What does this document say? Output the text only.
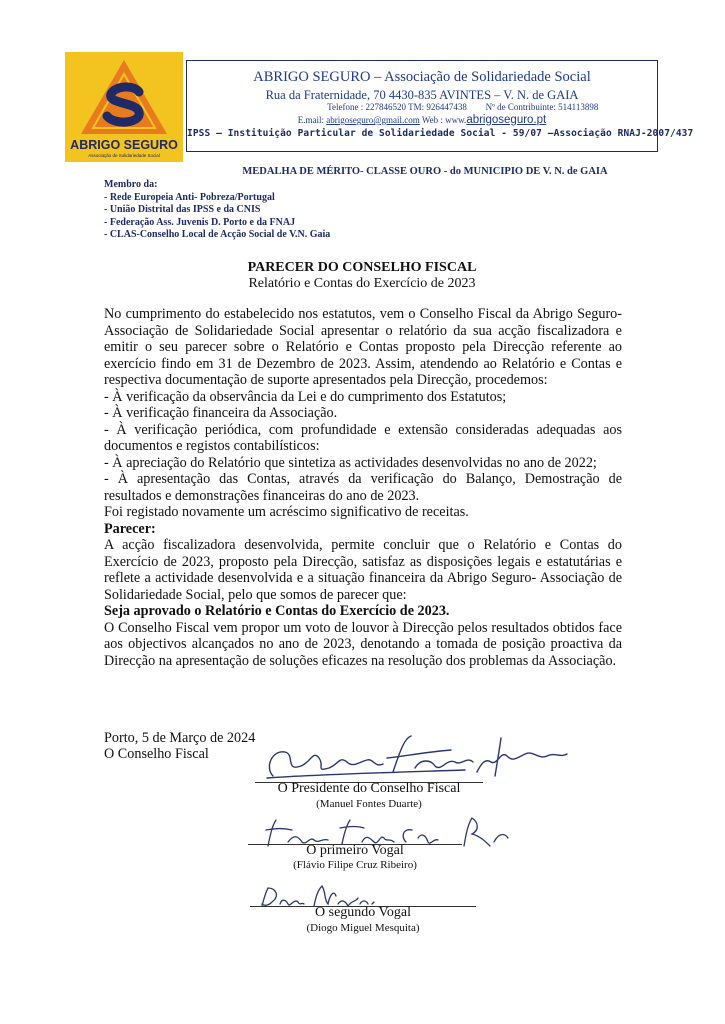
ABRIGO SEGURO
Associação de Solidariedade Social
ABRIGO SEGURO – Associação de Solidariedade Social
Rua da Fraternidade, 70 4430-835 AVINTES – V. N. de GAIA
Telefone : 227846520 TM: 926447438	Nº de Contribuinte: 514113898
E.mail: abrigoseguro@gmail.com Web : www.abrigoseguro.pt
IPSS – Instituição Particular de Solidariedade Social - 59/07 –Associação RNAJ-2007/437
MEDALHA DE MÉRITO- CLASSE OURO - do MUNICIPIO DE V. N. de GAIA
Membro da:
- Rede Europeia Anti- Pobreza/Portugal
- União Distrital das IPSS e da CNIS
- Federação Ass. Juvenis D. Porto e da FNAJ
- CLAS-Conselho Local de Acção Social de V.N. Gaia
PARECER DO CONSELHO FISCAL
Relatório e Contas do Exercício de 2023

No cumprimento do estabelecido nos estatutos, vem o Conselho Fiscal da Abrigo Seguro- Associação de Solidariedade Social apresentar o relatório da sua acção fiscalizadora e emitir o seu parecer sobre o Relatório e Contas proposto pela Direcção referente ao exercício findo em 31 de Dezembro de 2023. Assim, atendendo ao Relatório e Contas e respectiva documentação de suporte apresentados pela Direcção, procedemos:

- À verificação da observância da Lei e do cumprimento dos Estatutos;

- À verificação financeira da Associação.

- À verificação periódica, com profundidade e extensão consideradas adequadas aos documentos e registos contabilísticos:

- À apreciação do Relatório que sintetiza as actividades desenvolvidas no ano de 2022;

- À apresentação das Contas, através da verificação do Balanço, Demostração de resultados e demonstrações financeiras do ano de 2023.

Foi registado novamente um acréscimo significativo de receitas.

Parecer:

A acção fiscalizadora desenvolvida, permite concluir que o Relatório e Contas do Exercício de 2023, proposto pela Direcção, satisfaz as disposições legais e estatutárias e reflete a actividade desenvolvida e a situação financeira da Abrigo Seguro- Associação de Solidariedade Social, pelo que somos de parecer que:

Seja aprovado o Relatório e Contas do Exercício de 2023.

O Conselho Fiscal vem propor um voto de louvor à Direcção pelos resultados obtidos face aos objectivos alcançados no ano de 2023, denotando a tomada de posição proactiva da Direcção na apresentação de soluções eficazes na resolução dos problemas da Associação.

Porto, 5 de Março de 2024
O Conselho Fiscal
O Presidente do Conselho Fiscal
(Manuel Fontes Duarte)
O primeiro Vogal
(Flávio Filipe Cruz Ribeiro)
O segundo Vogal
(Diogo Miguel Mesquita)
